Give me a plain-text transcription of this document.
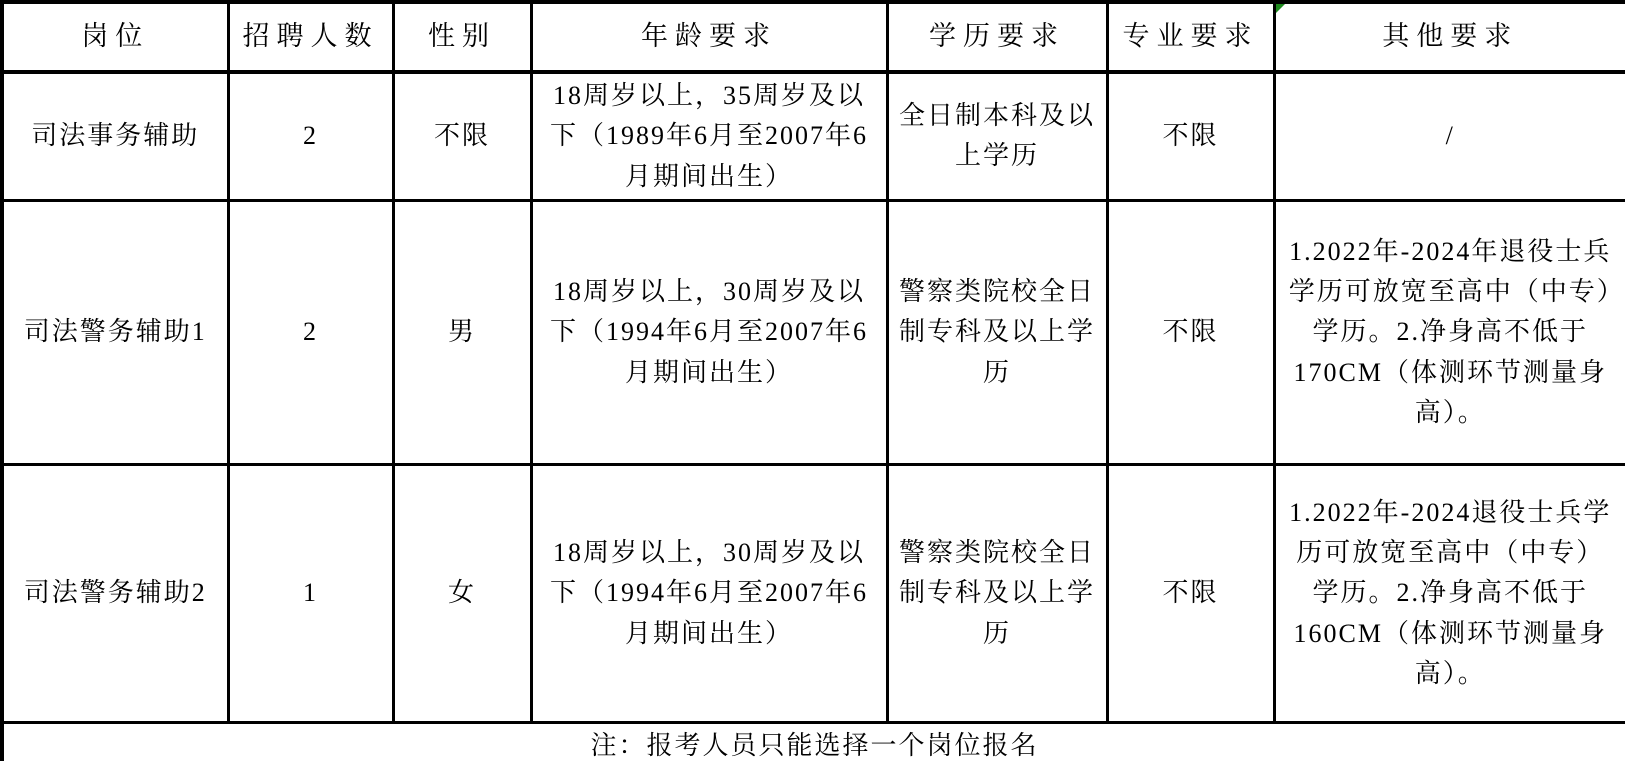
岗位	招聘人数	性别	年龄要求	学历要求	专业要求	其他要求
司法事务辅助	2	不限	18周岁以上，35周岁及以下（1989年6月至2007年6月期间出生）	全日制本科及以上学历	不限	/
司法警务辅助1	2	男	18周岁以上，30周岁及以下（1994年6月至2007年6月期间出生）	警察类院校全日制专科及以上学历	不限	1.2022年-2024年退役士兵学历可放宽至高中（中专）学历。2.净身高不低于170CM（体测环节测量身高）。
司法警务辅助2	1	女	18周岁以上，30周岁及以下（1994年6月至2007年6月期间出生）	警察类院校全日制专科及以上学历	不限	1.2022年-2024退役士兵学历可放宽至高中（中专）学历。2.净身高不低于160CM（体测环节测量身高）。
注：报考人员只能选择一个岗位报名						
